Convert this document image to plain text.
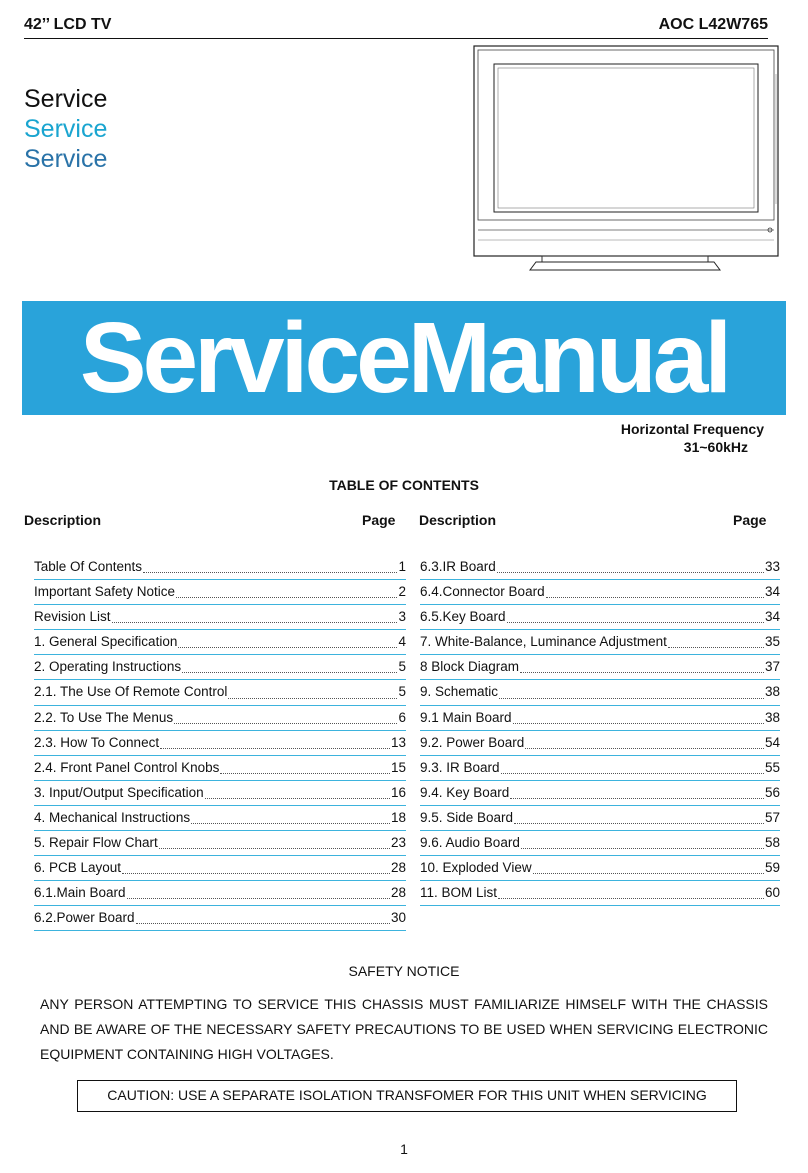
42’’ LCD TV	AOC L42W765
Service
Service
Service
ServiceManual
Horizontal Frequency
31~60kHz
TABLE OF CONTENTS
Description	Page Description	Page
Table Of Contents	1
Important Safety Notice	2
Revision List	3
1. General Specification	4
2. Operating Instructions	5
2.1. The Use Of Remote Control	5
2.2. To Use The Menus	6
2.3. How To Connect	13
2.4. Front Panel Control Knobs	15
3. Input/Output Specification	16
4. Mechanical Instructions	18
5. Repair Flow Chart	23
6. PCB Layout	28
6.1.Main Board	28
6.2.Power Board	30
6.3.IR Board	33
6.4.Connector Board	34
6.5.Key Board	34
7. White-Balance, Luminance Adjustment	35
8 Block Diagram	37
9. Schematic	38
9.1 Main Board	38
9.2. Power Board	54
9.3. IR Board	55
9.4. Key Board	56
9.5. Side Board	57
9.6. Audio Board	58
10. Exploded View	59
11. BOM List	60
SAFETY NOTICE
ANY PERSON ATTEMPTING TO SERVICE THIS CHASSIS MUST FAMILIARIZE HIMSELF WITH THE CHASSIS AND BE AWARE OF THE NECESSARY SAFETY PRECAUTIONS TO BE USED WHEN SERVICING ELECTRONIC EQUIPMENT CONTAINING HIGH VOLTAGES.
CAUTION: USE A SEPARATE ISOLATION TRANSFOMER FOR THIS UNIT WHEN SERVICING
1
